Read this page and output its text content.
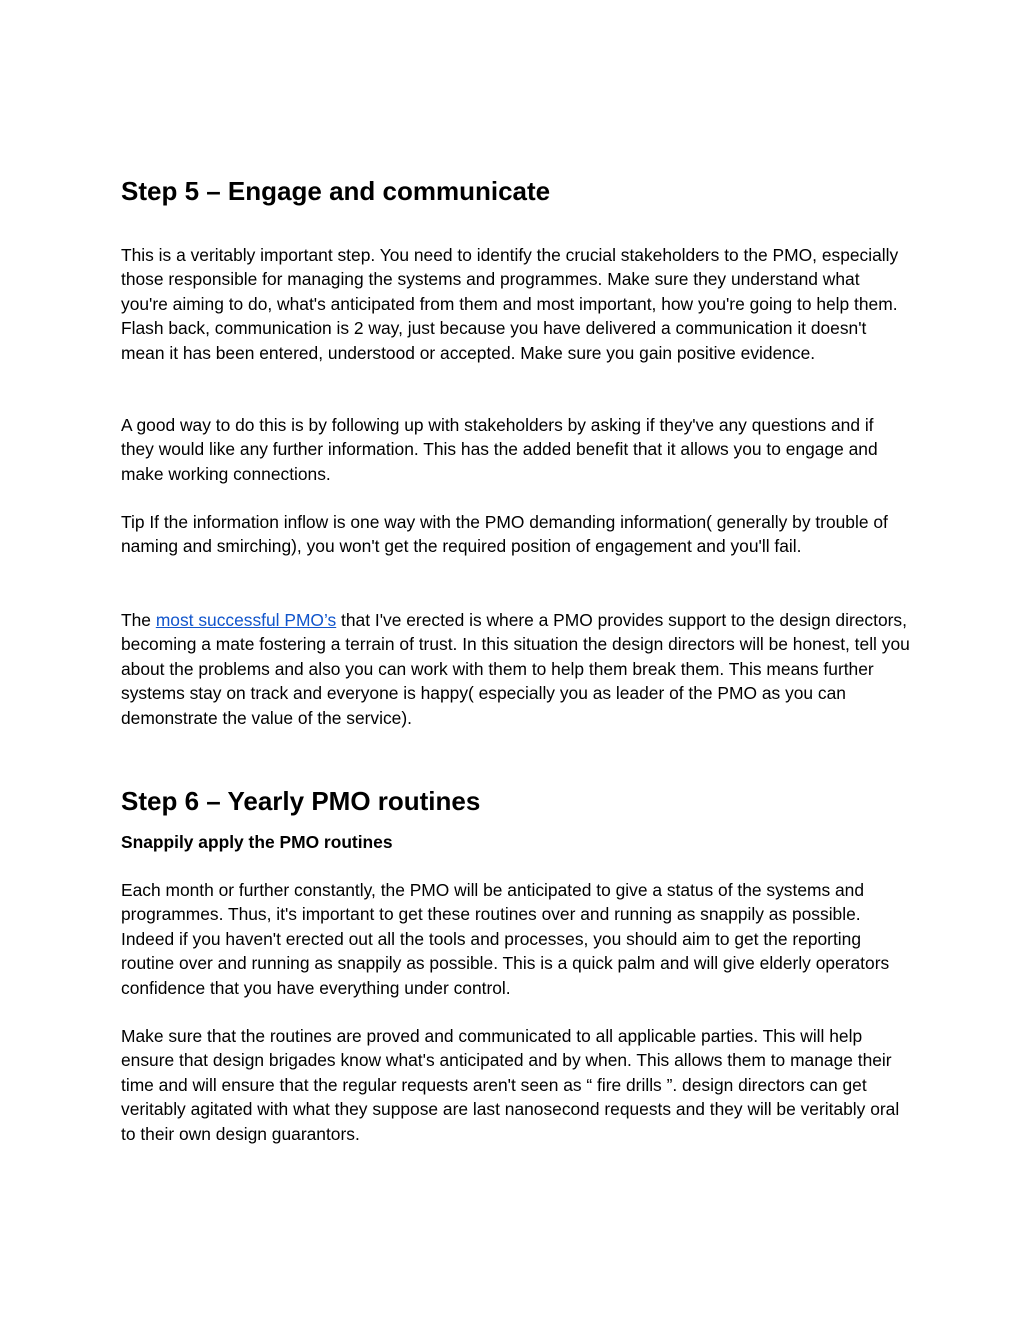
Step 5 – Engage and communicate

This is a veritably important step. You need to identify the crucial stakeholders to the PMO, especially those responsible for managing the systems and programmes. Make sure they understand what you're aiming to do, what's anticipated from them and most important, how you're going to help them. Flash back, communication is 2 way, just because you have delivered a communication it doesn't mean it has been entered, understood or accepted. Make sure you gain positive evidence.

A good way to do this is by following up with stakeholders by asking if they've any questions and if they would like any further information. This has the added benefit that it allows you to engage and make working connections.

Tip If the information inflow is one way with the PMO demanding information( generally by trouble of naming and smirching), you won't get the required position of engagement and you'll fail.

The most successful PMO’s that I've erected is where a PMO provides support to the design directors, becoming a mate fostering a terrain of trust. In this situation the design directors will be honest, tell you about the problems and also you can work with them to help them break them. This means further systems stay on track and everyone is happy( especially you as leader of the PMO as you can demonstrate the value of the service).

Step 6 – Yearly PMO routines

Snappily apply the PMO routines

Each month or further constantly, the PMO will be anticipated to give a status of the systems and programmes. Thus, it's important to get these routines over and running as snappily as possible. Indeed if you haven't erected out all the tools and processes, you should aim to get the reporting routine over and running as snappily as possible. This is a quick palm and will give elderly operators confidence that you have everything under control.

Make sure that the routines are proved and communicated to all applicable parties. This will help ensure that design brigades know what's anticipated and by when. This allows them to manage their time and will ensure that the regular requests aren't seen as “ fire drills ”. design directors can get veritably agitated with what they suppose are last nanosecond requests and they will be veritably oral to their own design guarantors.
